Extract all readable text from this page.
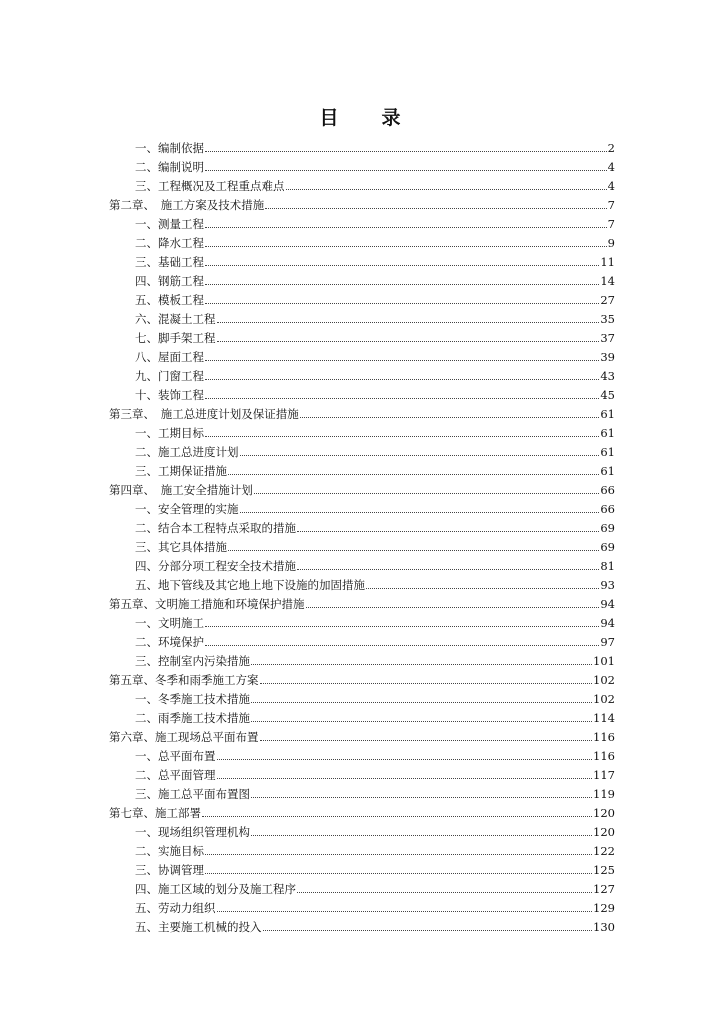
目　录
一、编制依据	2
二、编制说明	4
三、工程概况及工程重点难点	4
第二章、　施工方案及技术措施	7
一、测量工程	7
二、降水工程	9
三、基础工程	11
四、钢筋工程	14
五、模板工程	27
六、混凝土工程	35
七、脚手架工程	37
八、屋面工程	39
九、门窗工程	43
十、装饰工程	45
第三章、　施工总进度计划及保证措施	61
一、工期目标	61
二、施工总进度计划	61
三、工期保证措施	61
第四章、　施工安全措施计划	66
一、安全管理的实施	66
二、结合本工程特点采取的措施	69
三、其它具体措施	69
四、分部分项工程安全技术措施	81
五、地下管线及其它地上地下设施的加固措施	93
第五章、文明施工措施和环境保护措施	94
一、文明施工	94
二、环境保护	97
三、控制室内污染措施	101
第五章、冬季和雨季施工方案	102
一、冬季施工技术措施	102
二、雨季施工技术措施	114
第六章、施工现场总平面布置	116
一、总平面布置	116
二、总平面管理	117
三、施工总平面布置图	119
第七章、施工部署	120
一、现场组织管理机构	120
二、实施目标	122
三、协调管理	125
四、施工区域的划分及施工程序	127
五、劳动力组织	129
五、主要施工机械的投入	130
